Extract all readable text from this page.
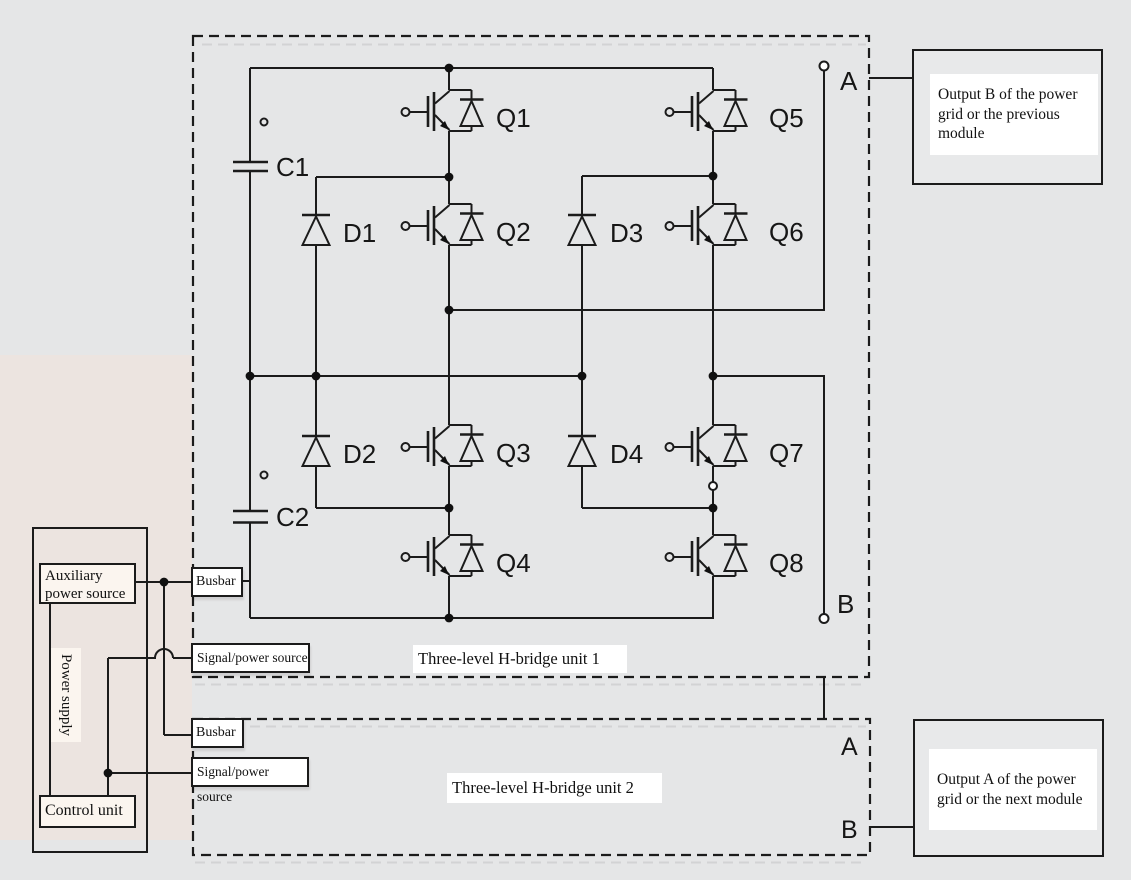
Q1
Q2
Q3
Q4
Q5
Q6
Q7
Q8
D1
D2
D3
D4
C1
C2
A
B
A
B
Auxiliary power source
Power supply
Control unit
Busbar
Signal/power source
Busbar
Signal/power source
Three-level H-bridge unit 1
Three-level H-bridge unit 2
Output B of the power grid or the previous module
Output A of the power grid or the next module
